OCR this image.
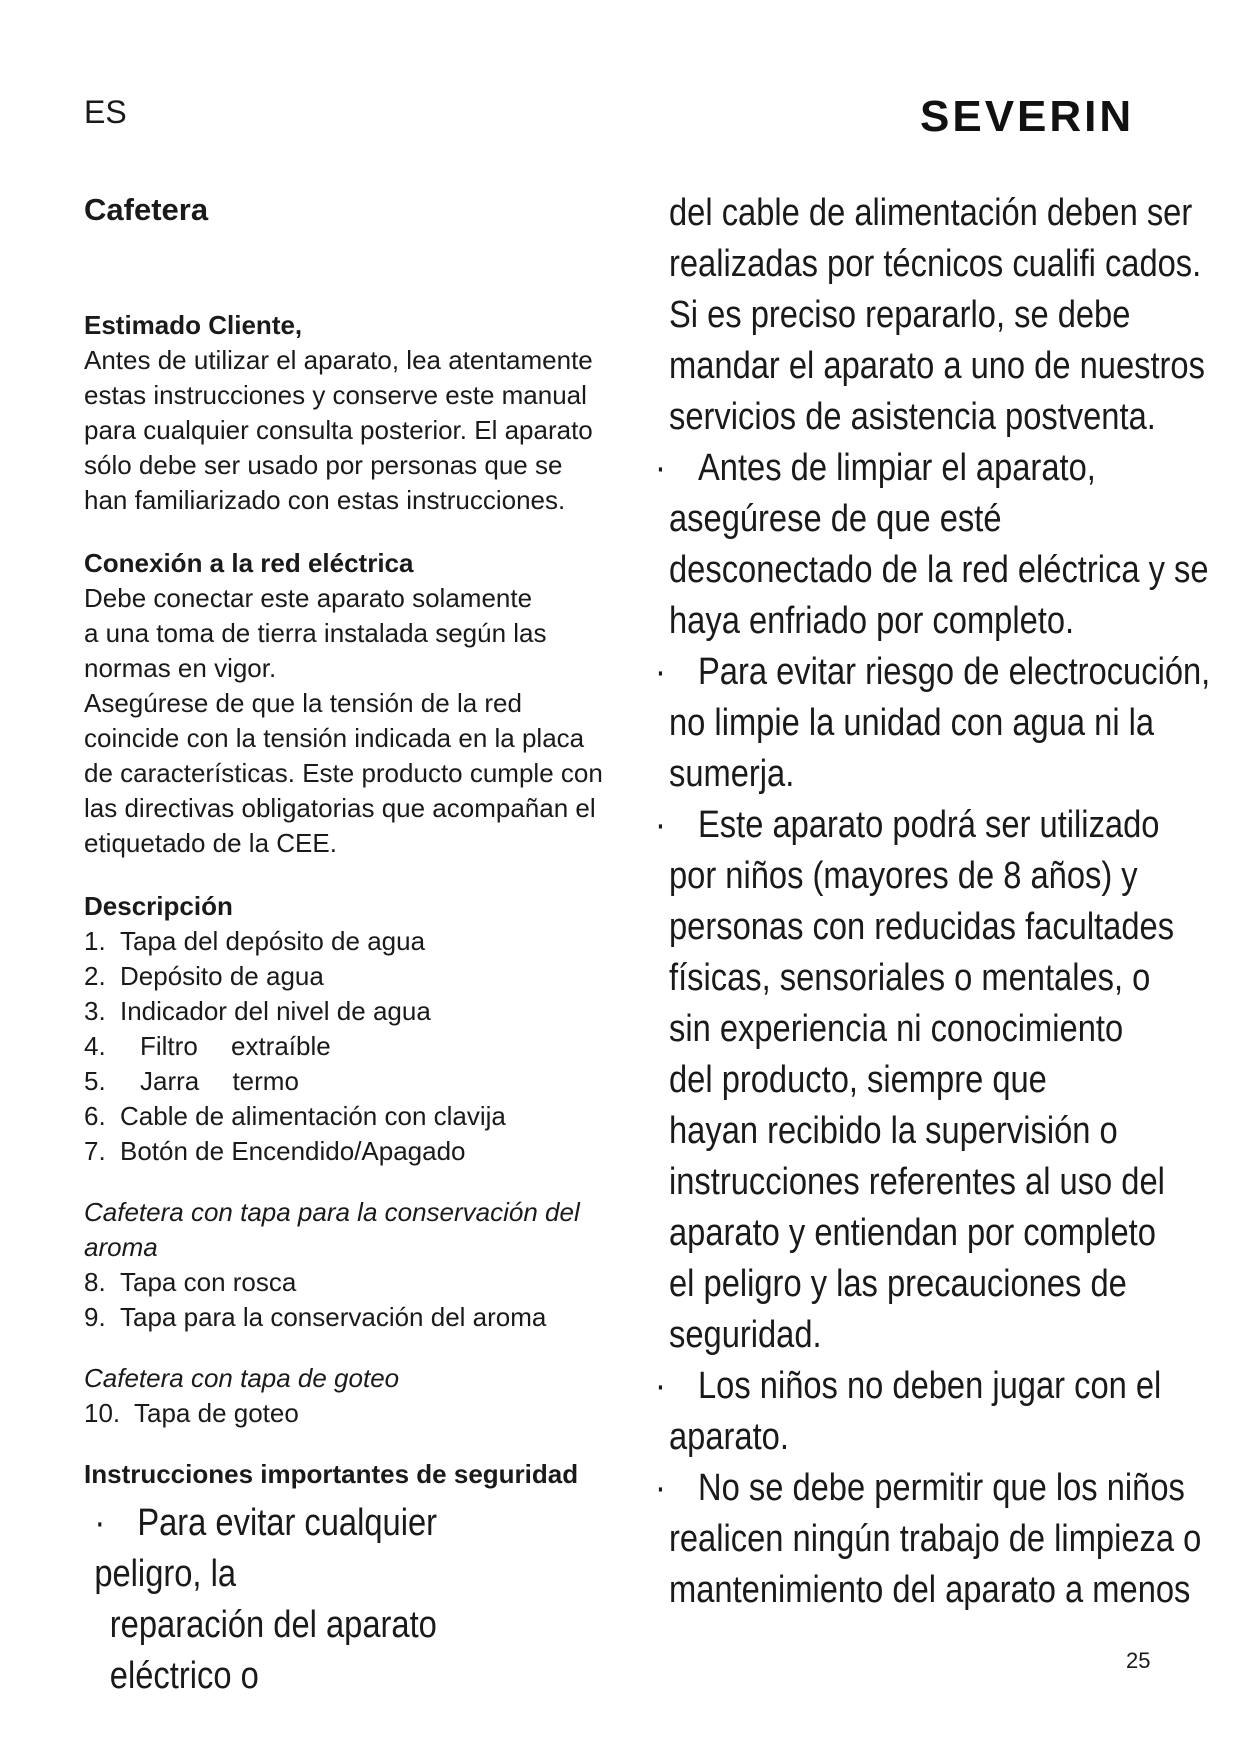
ES	SEVERIN

Cafetera

Estimado Cliente,

Antes de utilizar el aparato, lea atentamente

estas instrucciones y conserve este manual

para cualquier consulta posterior. El aparato

sólo debe ser usado por personas que se

han familiarizado con estas instrucciones.

Conexión a la red eléctrica

Debe conectar este aparato solamente

a una toma de tierra instalada según las

normas en vigor.

Asegúrese de que la tensión de la red

coincide con la tensión indicada en la placa

de características. Este producto cumple con

las directivas obligatorias que acompañan el

etiquetado de la CEE.

Descripción

1. Tapa del depósito de agua

2. Depósito de agua

3. Indicador del nivel de agua

4.	Filtro  extraíble

5.	Jarra  termo

6. Cable de alimentación con clavija

7. Botón de Encendido/Apagado

Cafetera con tapa para la conservación del

aroma

8. Tapa con rosca

9. Tapa para la conservación del aroma

Cafetera con tapa de goteo

10. Tapa de goteo

Instrucciones importantes de seguridad

· Para evitar cualquier peligro, la
reparación del aparato eléctrico o
del cable de alimentación deben ser
realizadas por técnicos cualifi cados.
Si es preciso repararlo, se debe
mandar el aparato a uno de nuestros
servicios de asistencia postventa.
· Antes de limpiar el aparato,
asegúrese de que esté
desconectado de la red eléctrica y se
haya enfriado por completo.
· Para evitar riesgo de electrocución,
no limpie la unidad con agua ni la
sumerja.
· Este aparato podrá ser utilizado
por niños (mayores de 8 años) y
personas con reducidas facultades
físicas, sensoriales o mentales, o
sin experiencia ni conocimiento
del producto, siempre que
hayan recibido la supervisión o
instrucciones referentes al uso del
aparato y entiendan por completo
el peligro y las precauciones de
seguridad.
· Los niños no deben jugar con el
aparato.
· No se debe permitir que los niños
realicen ningún trabajo de limpieza o
mantenimiento del aparato a menos
25
